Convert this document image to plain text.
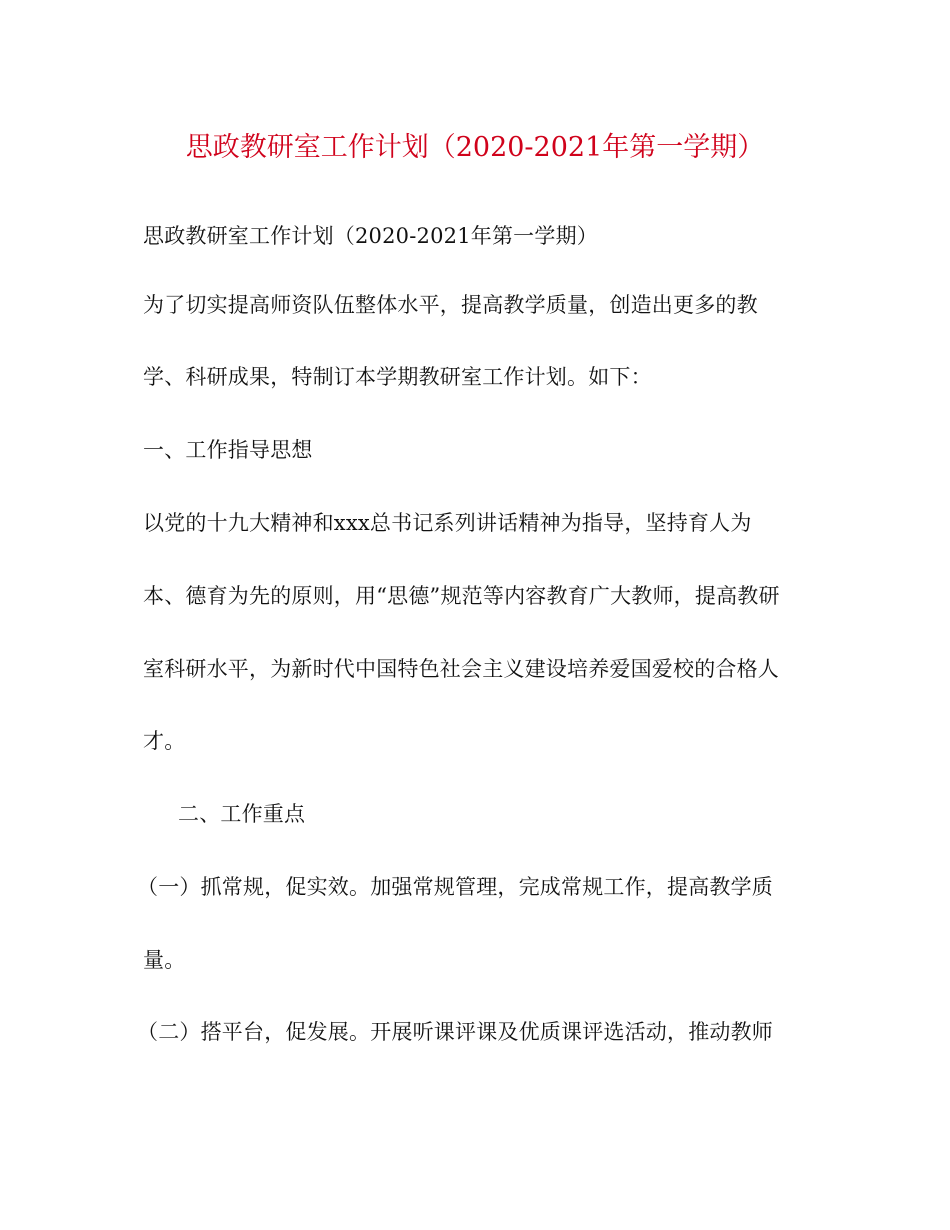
思政教研室工作计划（2020-2021年第一学期）
思政教研室工作计划（2020-2021年第一学期）
为了切实提高师资队伍整体水平，提高教学质量，创造出更多的教
学、科研成果，特制订本学期教研室工作计划。如下：
一、工作指导思想
以党的十九大精神和xxx总书记系列讲话精神为指导，坚持育人为
本、德育为先的原则，用“思德”规范等内容教育广大教师，提高教研
室科研水平，为新时代中国特色社会主义建设培养爱国爱校的合格人
才。
二、工作重点
（一）抓常规，促实效。加强常规管理，完成常规工作，提高教学质
量。
（二）搭平台，促发展。开展听课评课及优质课评选活动，推动教师
